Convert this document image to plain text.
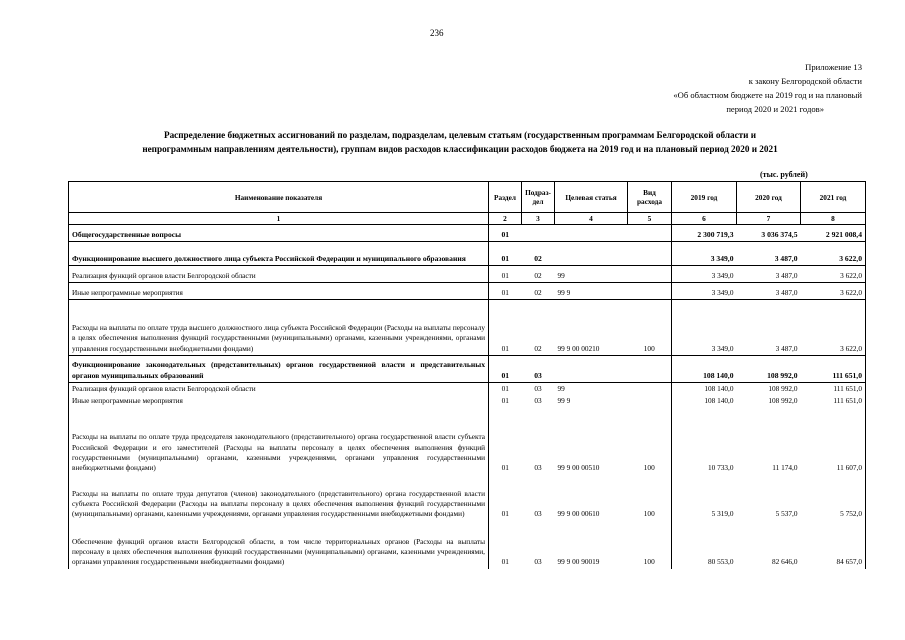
236
Приложение 13
к закону Белгородской области
«Об областном бюджете на 2019 год и на плановый
период 2020 и 2021 годов»
Распределение бюджетных ассигнований по разделам, подразделам, целевым статьям (государственным программам Белгородской области и
непрограммным направлениям деятельности), группам видов расходов классификации расходов бюджета на 2019 год и на плановый период 2020 и 2021
(тыс. рублей)
Наименование показателя	Раздел	Подраз-дел	Целевая статья	Вид расхода	2019 год	2020 год	2021 год
1	2	3	4	5	6	7	8
Общегосударственные вопросы	01				2 300 719,3	3 036 374,5	2 921 008,4
Функционирование высшего должностного лица субъекта Российской Федерации и муниципального образования	01	02			3 349,0	3 487,0	3 622,0
Реализация функций органов власти Белгородской области	01	02	99		3 349,0	3 487,0	3 622,0
Иные непрограммные мероприятия	01	02	99 9		3 349,0	3 487,0	3 622,0
Расходы на выплаты по оплате труда высшего должностного лица субъекта Российской Федерации (Расходы на выплаты персоналу в целях обеспечения выполнения функций государственными (муниципальными) органами, казенными учреждениями, органами управления государственными внебюджетными фондами)	01	02	99 9 00 00210	100	3 349,0	3 487,0	3 622,0
Функционирование законодательных (представительных) органов государственной власти и представительных органов муниципальных образований	01	03			108 140,0	108 992,0	111 651,0
Реализация функций органов власти Белгородской области	01	03	99		108 140,0	108 992,0	111 651,0
Иные непрограммные мероприятия	01	03	99 9		108 140,0	108 992,0	111 651,0
Расходы на выплаты по оплате труда председателя законодательного (представительного) органа государственной власти субъекта Российской Федерации и его заместителей (Расходы на выплаты персоналу в целях обеспечения выполнения функций государственными (муниципальными) органами, казенными учреждениями, органами управления государственными внебюджетными фондами)	01	03	99 9 00 00510	100	10 733,0	11 174,0	11 607,0
Расходы на выплаты по оплате труда депутатов (членов) законодательного (представительного) органа государственной власти субъекта Российской Федерации (Расходы на выплаты персоналу в целях обеспечения выполнения функций государственными (муниципальными) органами, казенными учреждениями, органами управления государственными внебюджетными фондами)	01	03	99 9 00 00610	100	5 319,0	5 537,0	5 752,0
Обеспечение функций органов власти Белгородской области, в том числе территориальных органов (Расходы на выплаты персоналу в целях обеспечения выполнения функций государственными (муниципальными) органами, казенными учреждениями, органами управления государственными внебюджетными фондами)	01	03	99 9 00 90019	100	80 553,0	82 646,0	84 657,0
